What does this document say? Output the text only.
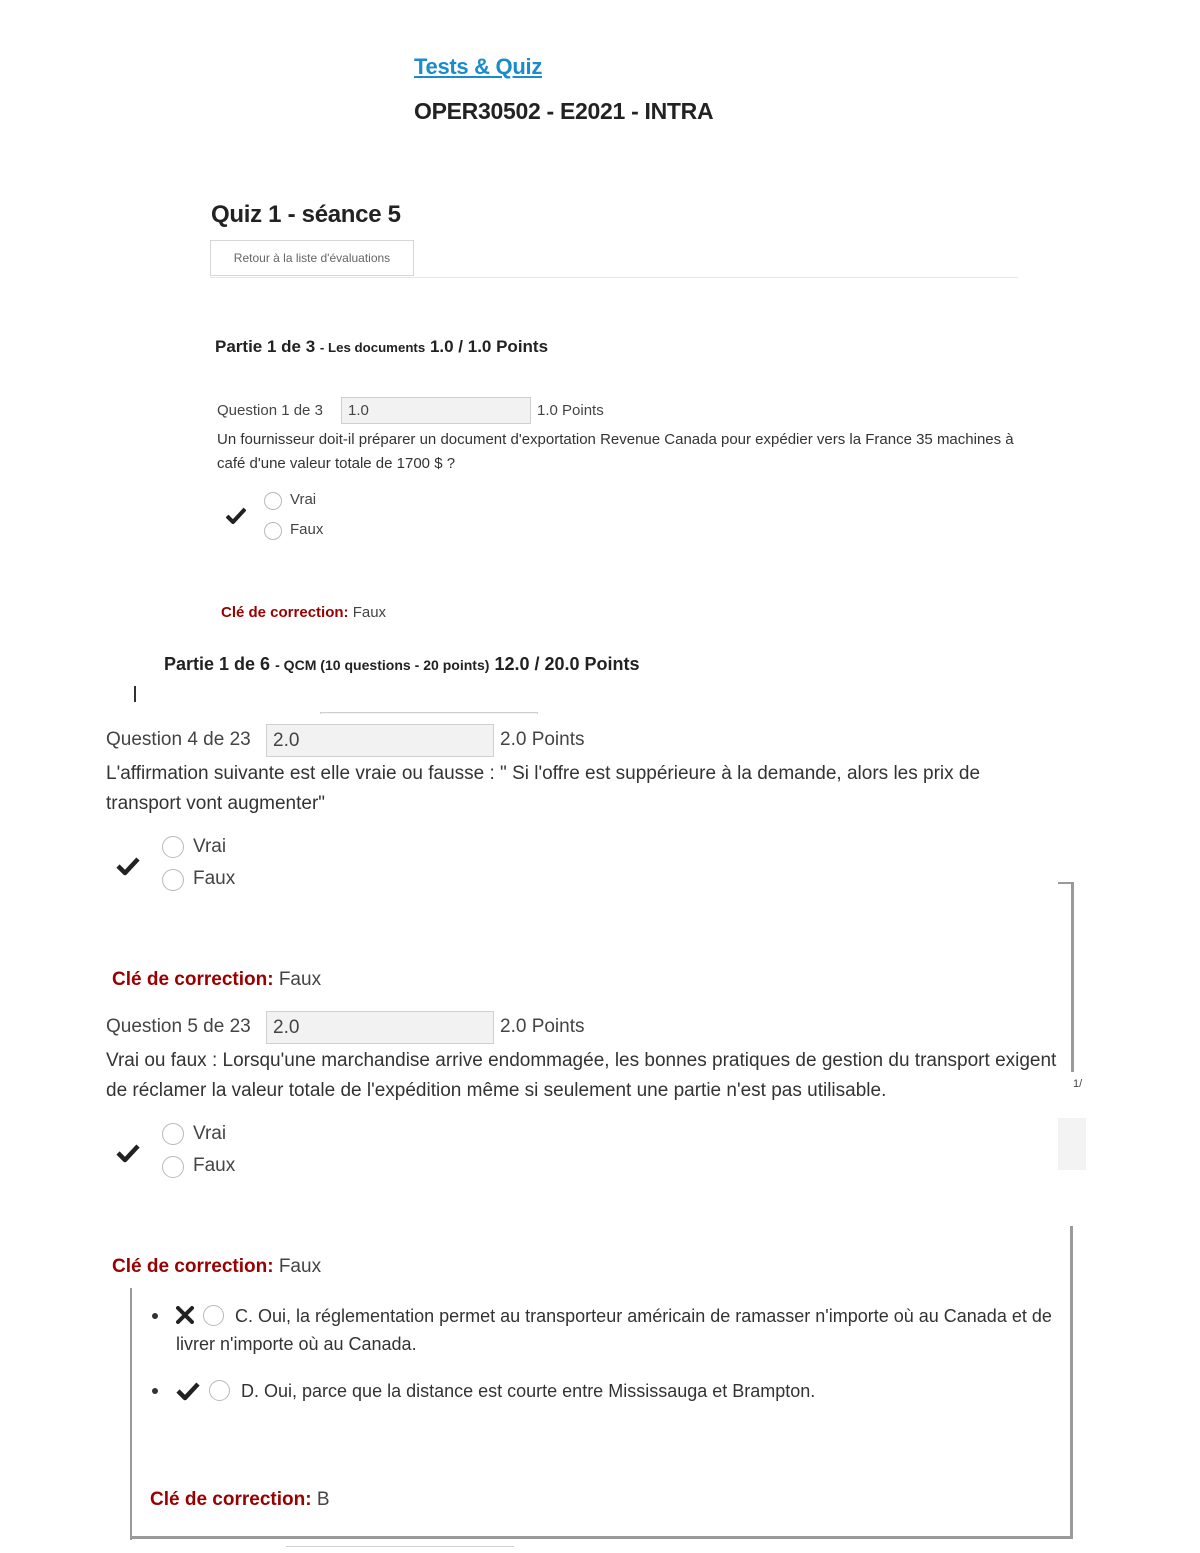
Tests & Quiz
OPER30502 - E2021 - INTRA
Quiz 1 - séance 5
Retour à la liste d'évaluations
Partie 1 de 3 - Les documents 1.0 / 1.0 Points
Question 1 de 3	1.0	1.0 Points
Un fournisseur doit-il préparer un document d'exportation Revenue Canada pour expédier vers la France 35 machines à café d'une valeur totale de 1700 $ ?
Vrai
Faux
Clé de correction: Faux
Partie 1 de 6 - QCM (10 questions - 20 points) 12.0 / 20.0 Points
Question 4 de 23	2.0	2.0 Points
L'affirmation suivante est elle vraie ou fausse : " Si l'offre est suppérieure à la demande, alors les prix de transport vont augmenter"
Vrai
Faux
Clé de correction: Faux
Question 5 de 23	2.0	2.0 Points
Vrai ou faux : Lorsqu'une marchandise arrive endommagée, les bonnes pratiques de gestion du transport exigent de réclamer la valeur totale de l'expédition même si seulement une partie n'est pas utilisable.
Vrai
Faux
Clé de correction: Faux
1/
C. Oui, la réglementation permet au transporteur américain de ramasser n'importe où au Canada et de livrer n'importe où au Canada.
D. Oui, parce que la distance est courte entre Mississauga et Brampton.
Clé de correction: B
